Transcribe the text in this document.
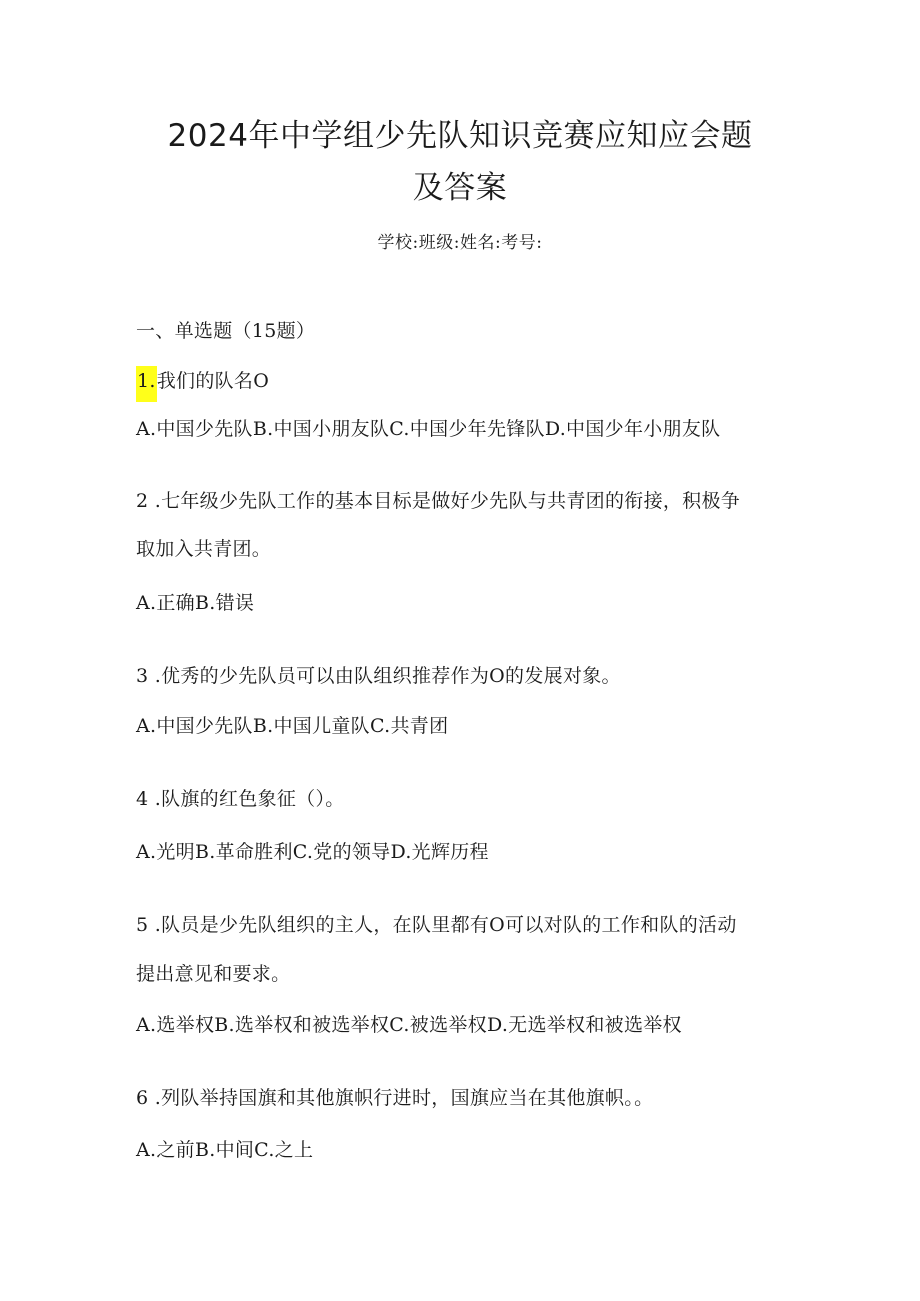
2024年中学组少先队知识竞赛应知应会题
及答案
学校:班级:姓名:考号:
一、单选题（15题）
1.我们的队名O
A.中国少先队B.中国小朋友队C.中国少年先锋队D.中国少年小朋友队
2 .七年级少先队工作的基本目标是做好少先队与共青团的衔接，积极争
取加入共青团。
A.正确B.错误
3 .优秀的少先队员可以由队组织推荐作为O的发展对象。
A.中国少先队B.中国儿童队C.共青团
4 .队旗的红色象征（）。
A.光明B.革命胜利C.党的领导D.光辉历程
5 .队员是少先队组织的主人，在队里都有O可以对队的工作和队的活动
提出意见和要求。
A.选举权B.选举权和被选举权C.被选举权D.无选举权和被选举权
6 .列队举持国旗和其他旗帜行进时，国旗应当在其他旗帜。。
A.之前B.中间C.之上
